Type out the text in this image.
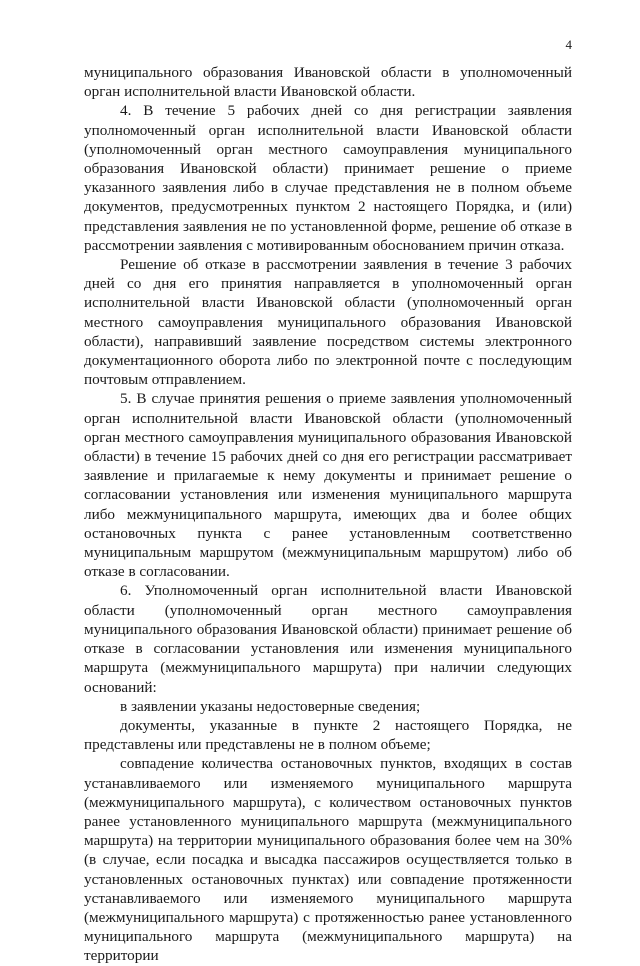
4

муниципального образования Ивановской области в уполномоченный орган исполнительной власти Ивановской области.

4. В течение 5 рабочих дней со дня регистрации заявления уполномоченный орган исполнительной власти Ивановской области (уполномоченный орган местного самоуправления муниципального образования Ивановской области) принимает решение о приеме указанного заявления либо в случае представления не в полном объеме документов, предусмотренных пунктом 2 настоящего Порядка, и (или) представления заявления не по установленной форме, решение об отказе в рассмотрении заявления с мотивированным обоснованием причин отказа.

Решение об отказе в рассмотрении заявления в течение 3 рабочих дней со дня его принятия направляется в уполномоченный орган исполнительной власти Ивановской области (уполномоченный орган местного самоуправления муниципального образования Ивановской области), направивший заявление посредством системы электронного документационного оборота либо по электронной почте с последующим почтовым отправлением.

5. В случае принятия решения о приеме заявления уполномоченный орган исполнительной власти Ивановской области (уполномоченный орган местного самоуправления муниципального образования Ивановской области) в течение 15 рабочих дней со дня его регистрации рассматривает заявление и прилагаемые к нему документы и принимает решение о согласовании установления или изменения муниципального маршрута либо межмуниципального маршрута, имеющих два и более общих остановочных пункта с ранее установленным соответственно муниципальным маршрутом (межмуниципальным маршрутом) либо об отказе в согласовании.

6. Уполномоченный орган исполнительной власти Ивановской области (уполномоченный орган местного самоуправления муниципального образования Ивановской области) принимает решение об отказе в согласовании установления или изменения муниципального маршрута (межмуниципального маршрута) при наличии следующих оснований:

в заявлении указаны недостоверные сведения;

документы, указанные в пункте 2 настоящего Порядка, не представлены или представлены не в полном объеме;

совпадение количества остановочных пунктов, входящих в состав устанавливаемого или изменяемого муниципального маршрута (межмуниципального маршрута), с количеством остановочных пунктов ранее установленного муниципального маршрута (межмуниципального маршрута) на территории муниципального образования более чем на 30% (в случае, если посадка и высадка пассажиров осуществляется только в установленных остановочных пунктах) или совпадение протяженности устанавливаемого или изменяемого муниципального маршрута (межмуниципального маршрута) с протяженностью ранее установленного муниципального маршрута (межмуниципального маршрута) на территории
